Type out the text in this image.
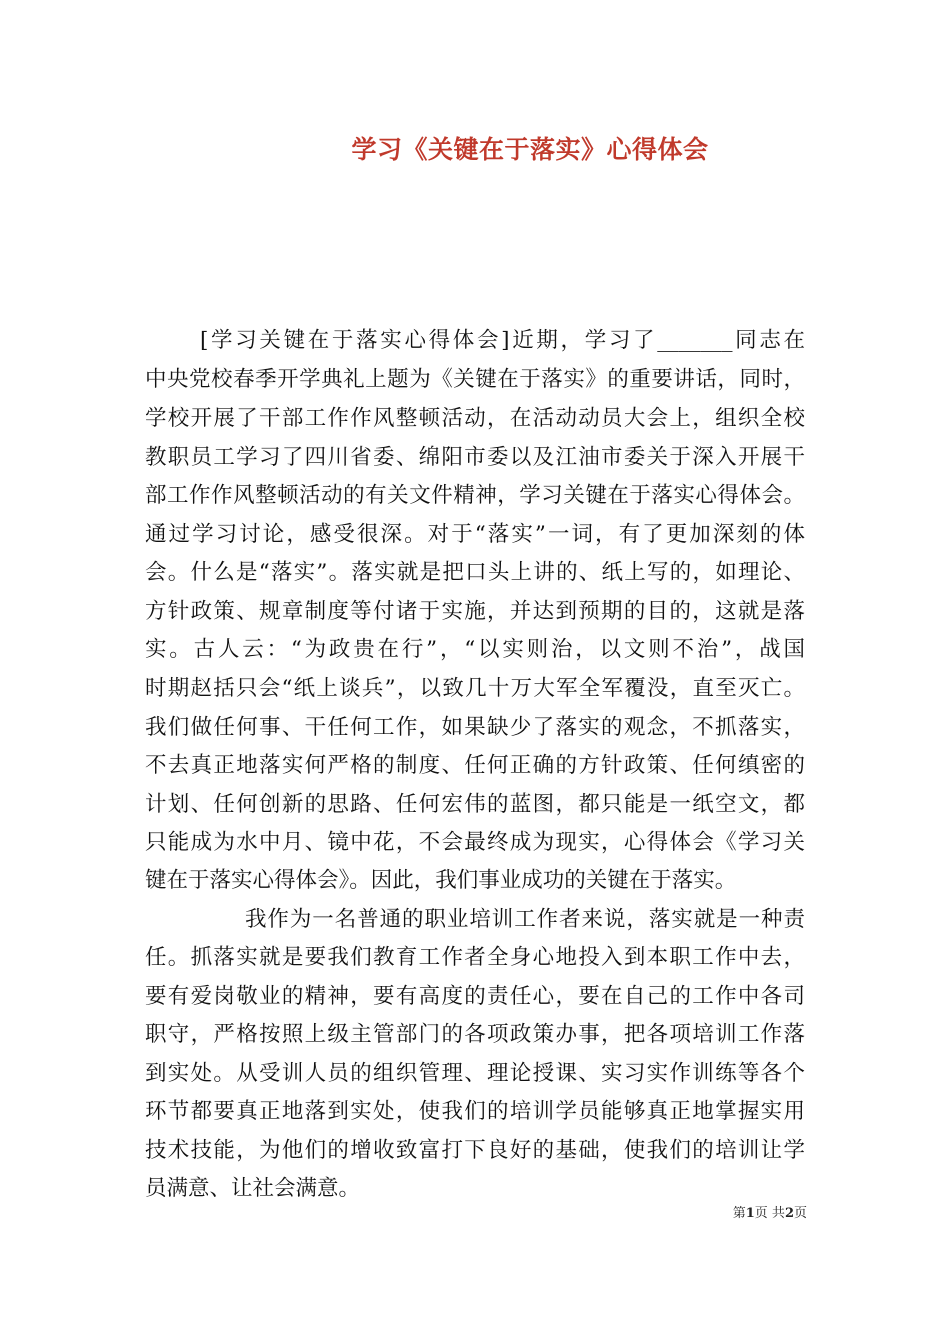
学习《关键在于落实》心得体会
[学习关键在于落实心得体会]近期，学习了_______同志在
中央党校春季开学典礼上题为《关键在于落实》的重要讲话，同时，
学校开展了干部工作作风整顿活动，在活动动员大会上，组织全校
教职员工学习了四川省委、绵阳市委以及江油市委关于深入开展干
部工作作风整顿活动的有关文件精神，学习关键在于落实心得体会。
通过学习讨论，感受很深。对于“落实”一词，有了更加深刻的体
会。什么是“落实”。落实就是把口头上讲的、纸上写的，如理论、
方针政策、规章制度等付诸于实施，并达到预期的目的，这就是落
实。古人云：“为政贵在行”，“以实则治，以文则不治”，战国
时期赵括只会“纸上谈兵”，以致几十万大军全军覆没，直至灭亡。
我们做任何事、干任何工作，如果缺少了落实的观念，不抓落实，
不去真正地落实何严格的制度、任何正确的方针政策、任何缜密的
计划、任何创新的思路、任何宏伟的蓝图，都只能是一纸空文，都
只能成为水中月、镜中花，不会最终成为现实，心得体会《学习关
键在于落实心得体会》。因此，我们事业成功的关键在于落实。
我作为一名普通的职业培训工作者来说，落实就是一种责
任。抓落实就是要我们教育工作者全身心地投入到本职工作中去，
要有爱岗敬业的精神，要有高度的责任心，要在自己的工作中各司
职守，严格按照上级主管部门的各项政策办事，把各项培训工作落
到实处。从受训人员的组织管理、理论授课、实习实作训练等各个
环节都要真正地落到实处，使我们的培训学员能够真正地掌握实用
技术技能，为他们的增收致富打下良好的基础，使我们的培训让学
员满意、让社会满意。
第1页 共2页
